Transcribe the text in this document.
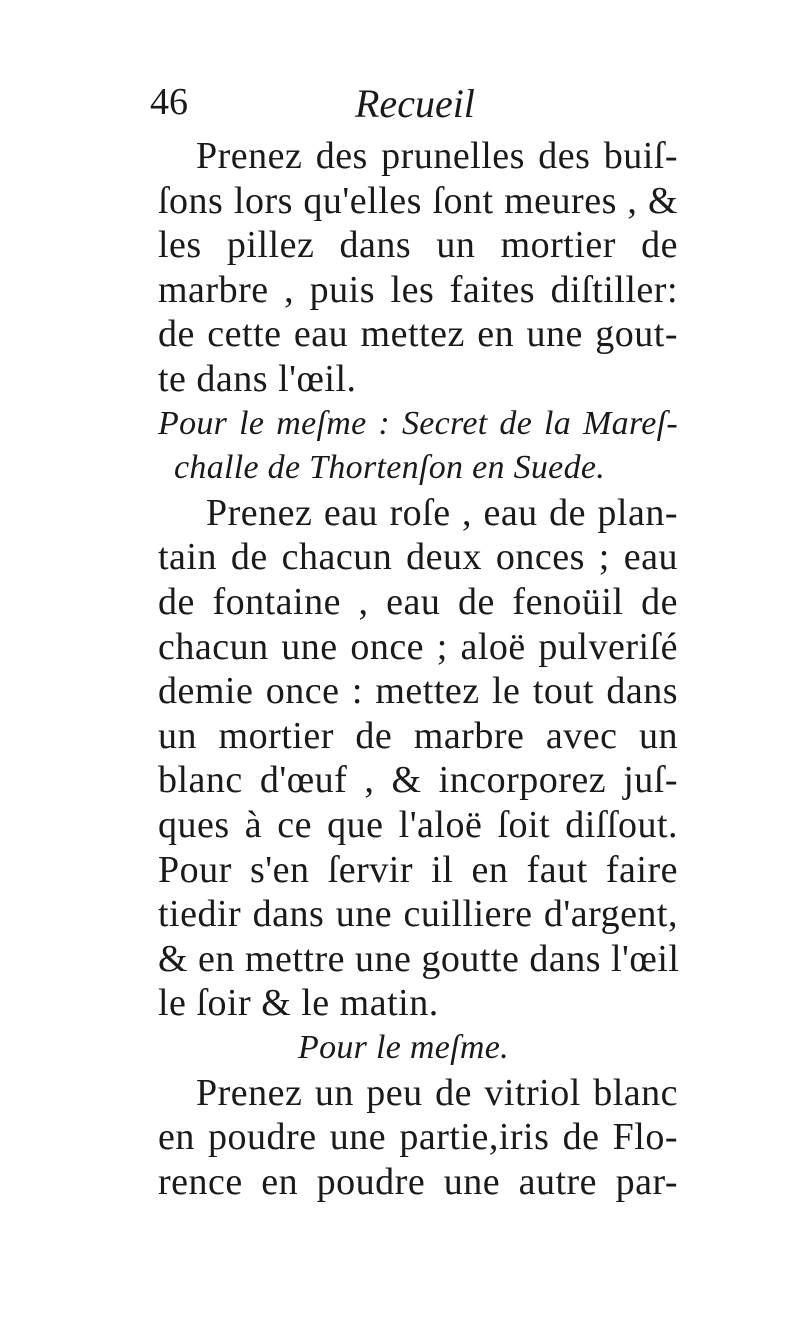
46	Recueil
Prenez des prunelles des buiſ-
ſons lors qu'elles ſont meures , &
les pillez dans un mortier de
marbre , puis les faites diſtiller:
de cette eau mettez en une gout-
te dans l'œil.
Pour le meſme : Secret de la Mareſ-
challe de Thortenſon en Suede.
Prenez eau roſe , eau de plan-
tain de chacun deux onces ; eau
de fontaine , eau de fenoüil de
chacun une once ; aloë pulveriſé
demie once : mettez le tout dans
un mortier de marbre avec un
blanc d'œuf , & incorporez juſ-
ques à ce que l'aloë ſoit diſſout.
Pour s'en ſervir il en faut faire
tiedir dans une cuilliere d'argent,
& en mettre une goutte dans l'œil
le ſoir & le matin.
Pour le meſme.
Prenez un peu de vitriol blanc
en poudre une partie,iris de Flo-
rence en poudre une autre par-
